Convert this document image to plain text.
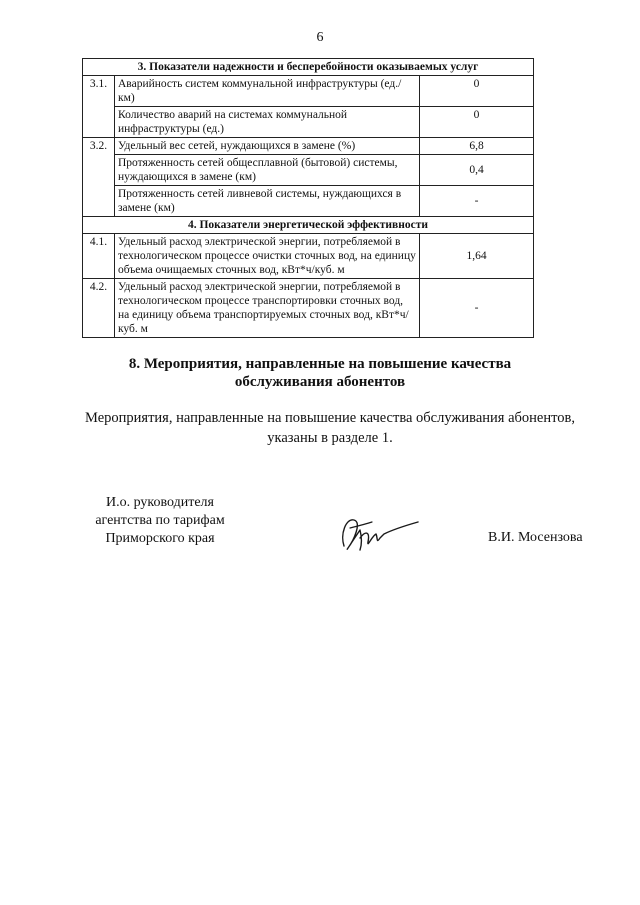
6
3. Показатели надежности и бесперебойности оказываемых услуг		
3.1.	Аварийность систем коммунальной инфраструктуры (ед./км)	0
	Количество аварий на системах коммунальной инфраструктуры (ед.)	0
3.2.	Удельный вес сетей, нуждающихся в замене (%)	6,8
	Протяженность сетей общесплавной (бытовой) системы, нуждающихся в замене (км)	0,4
	Протяженность сетей ливневой системы, нуждающихся в замене (км)	-
4. Показатели энергетической эффективности		
4.1.	Удельный расход электрической энергии, потребляемой в технологическом процессе очистки сточных вод, на единицу объема очищаемых сточных вод, кВт*ч/куб. м	1,64
4.2.	Удельный расход электрической энергии, потребляемой в технологическом процессе транспортировки сточных вод, на единицу объема транспортируемых сточных вод, кВт*ч/куб. м	-
8. Мероприятия, направленные на повышение качества
обслуживания абонентов
Мероприятия, направленные на повышение качества обслуживания абонентов,
указаны в разделе 1.
И.о. руководителя
агентства по тарифам
Приморского края	В.И. Мосензова
